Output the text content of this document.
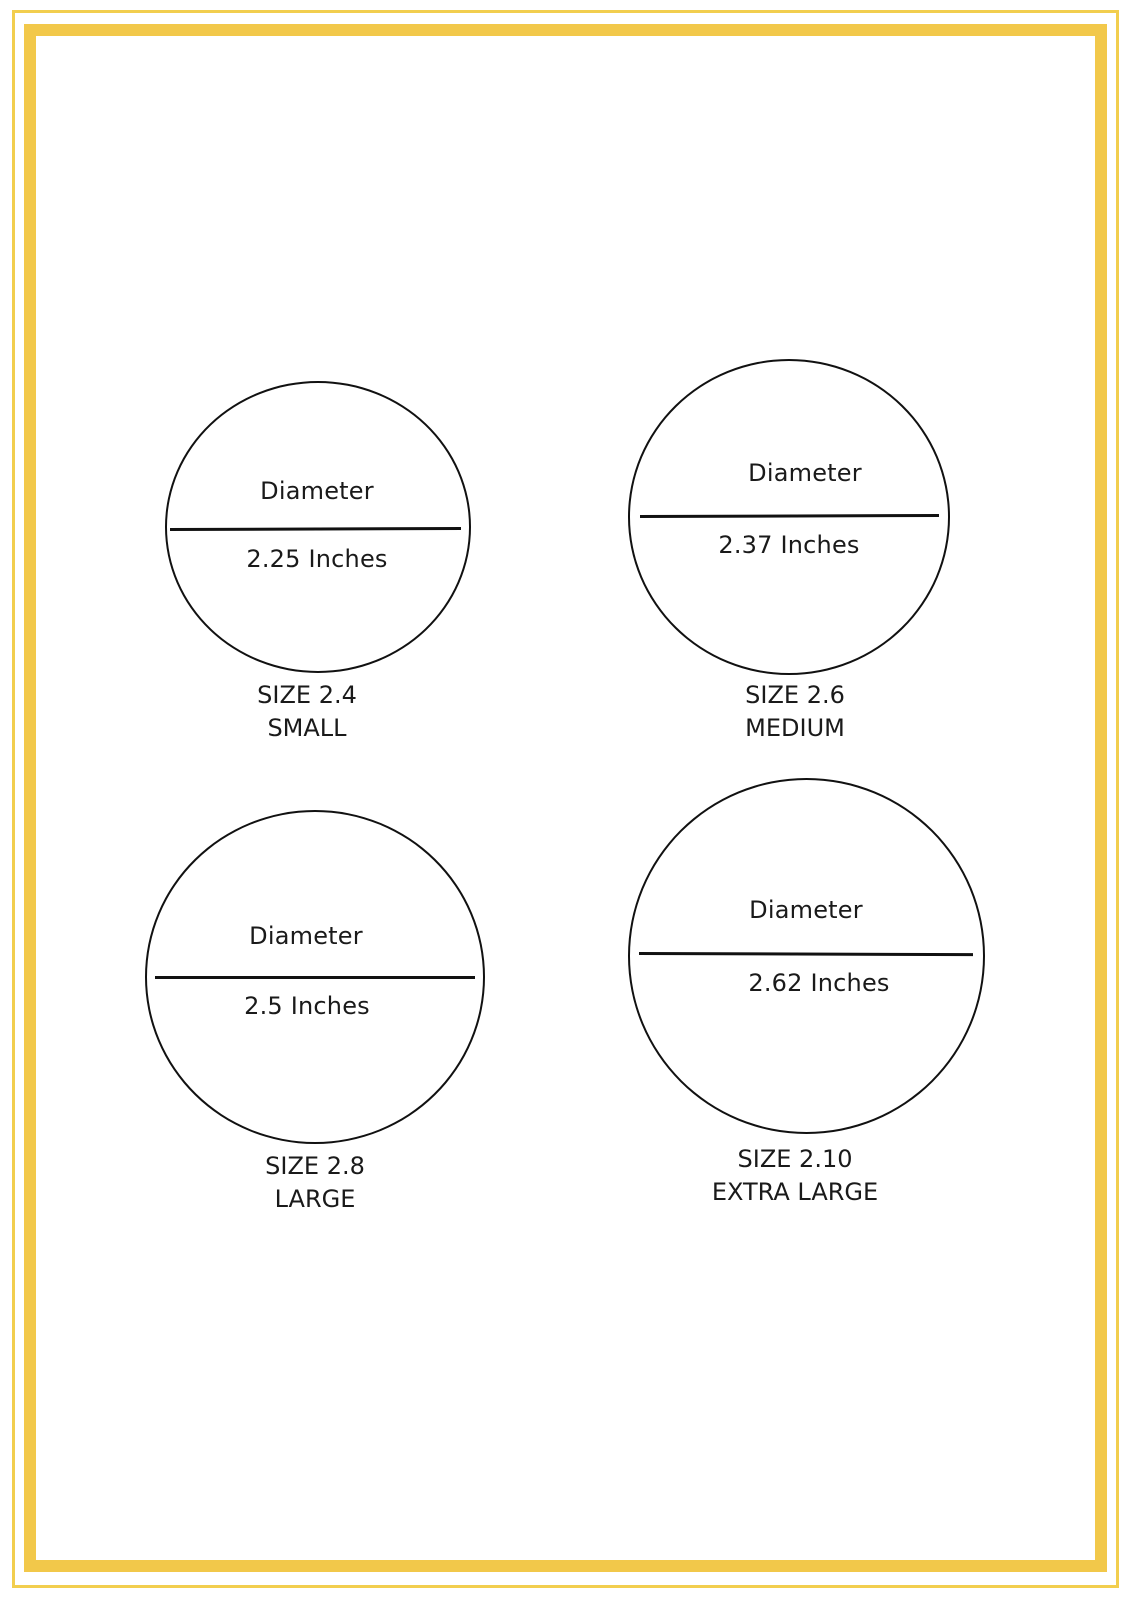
Diameter
2.25 Inches
SIZE 2.4
SMALL
Diameter
2.37 Inches
SIZE 2.6
MEDIUM
Diameter
2.5 Inches
SIZE 2.8
LARGE
Diameter
2.62 Inches
SIZE 2.10
EXTRA LARGE
